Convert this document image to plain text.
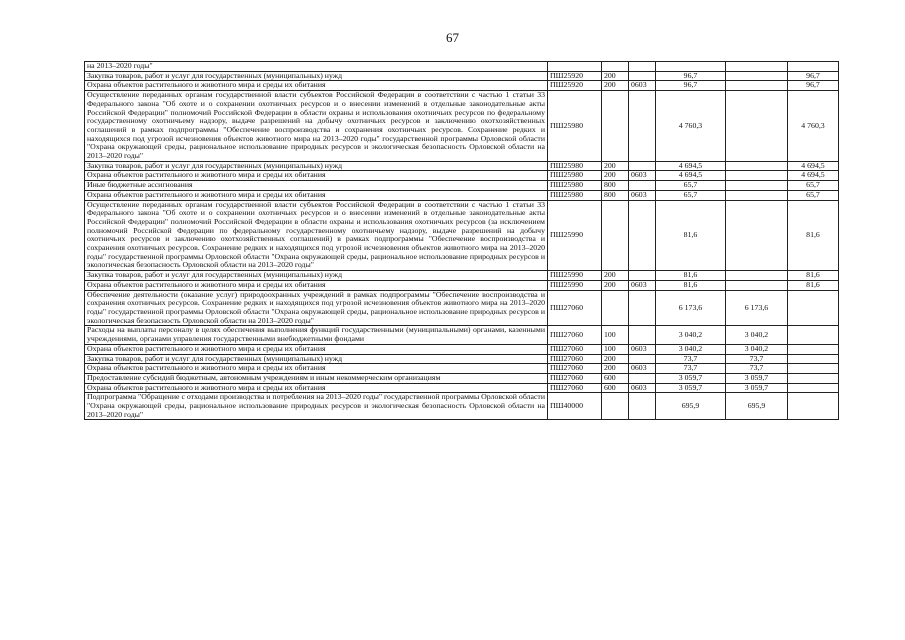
67
на 2013–2020 годы"						
Закупка товаров, работ и услуг для государственных (муниципальных) нужд	ПШ25920	200		96,7		96,7
Охрана объектов растительного и животного мира и среды их обитания	ПШ25920	200	0603	96,7		96,7
Осуществление переданных органам государственной власти субъектов Российской Федерации в соответствии с частью 1 статьи 33 Федерального закона "Об охоте и о сохранении охотничьих ресурсов и о внесении изменений в отдельные законодательные акты Российской Федерации" полномочий Российской Федерации в области охраны и использования охотничьих ресурсов по федеральному государственному охотничьему надзору, выдаче разрешений на добычу охотничьих ресурсов и заключению охотхозяйственных соглашений в рамках подпрограммы "Обеспечение воспроизводства и сохранения охотничьих ресурсов. Сохранение редких и находящихся под угрозой исчезновения объектов животного мира на 2013–2020 годы" государственной программы Орловской области "Охрана окружающей среды, рациональное использование природных ресурсов и экологическая безопасность Орловской области на 2013–2020 годы"	ПШ25980			4 760,3		4 760,3
Закупка товаров, работ и услуг для государственных (муниципальных) нужд	ПШ25980	200		4 694,5		4 694,5
Охрана объектов растительного и животного мира и среды их обитания	ПШ25980	200	0603	4 694,5		4 694,5
Иные бюджетные ассигнования	ПШ25980	800		65,7		65,7
Охрана объектов растительного и животного мира и среды их обитания	ПШ25980	800	0603	65,7		65,7
Осуществление переданных органам государственной власти субъектов Российской Федерации в соответствии с частью 1 статьи 33 Федерального закона "Об охоте и о сохранении охотничьих ресурсов и о внесении изменений в отдельные законодательные акты Российской Федерации" полномочий Российской Федерации в области охраны и использования охотничьих ресурсов (за исключением полномочий Российской Федерации по федеральному государственному охотничьему надзору, выдаче разрешений на добычу охотничьих ресурсов и заключению охотхозяйственных соглашений) в рамках подпрограммы "Обеспечение воспроизводства и сохранения охотничьих ресурсов. Сохранение редких и находящихся под угрозой исчезновения объектов животного мира на 2013–2020 годы" государственной программы Орловской области "Охрана окружающей среды, рациональное использование природных ресурсов и экологическая безопасность Орловской области на 2013–2020 годы"	ПШ25990			81,6		81,6
Закупка товаров, работ и услуг для государственных (муниципальных) нужд	ПШ25990	200		81,6		81,6
Охрана объектов растительного и животного мира и среды их обитания	ПШ25990	200	0603	81,6		81,6
Обеспечение деятельности (оказание услуг) природоохранных учреждений в рамках подпрограммы "Обеспечение воспроизводства и сохранения охотничьих ресурсов. Сохранение редких и находящихся под угрозой исчезновения объектов животного мира на 2013–2020 годы" государственной программы Орловской области "Охрана окружающей среды, рациональное использование природных ресурсов и экологическая безопасность Орловской области на 2013–2020 годы"	ПШ27060			6 173,6	6 173,6	
Расходы на выплаты персоналу в целях обеспечения выполнения функций государственными (муниципальными) органами, казенными учреждениями, органами управления государственными внебюджетными фондами	ПШ27060	100		3 040,2	3 040,2	
Охрана объектов растительного и животного мира и среды их обитания	ПШ27060	100	0603	3 040,2	3 040,2	
Закупка товаров, работ и услуг для государственных (муниципальных) нужд	ПШ27060	200		73,7	73,7	
Охрана объектов растительного и животного мира и среды их обитания	ПШ27060	200	0603	73,7	73,7	
Предоставление субсидий бюджетным, автономным учреждениям и иным некоммерческим организациям	ПШ27060	600		3 059,7	3 059,7	
Охрана объектов растительного и животного мира и среды их обитания	ПШ27060	600	0603	3 059,7	3 059,7	
Подпрограмма "Обращение с отходами производства и потребления на 2013–2020 годы" государственной программы Орловской области "Охрана окружающей среды, рациональное использование природных ресурсов и экологическая безопасность Орловской области на 2013–2020 годы"	ПШ40000			695,9	695,9	
